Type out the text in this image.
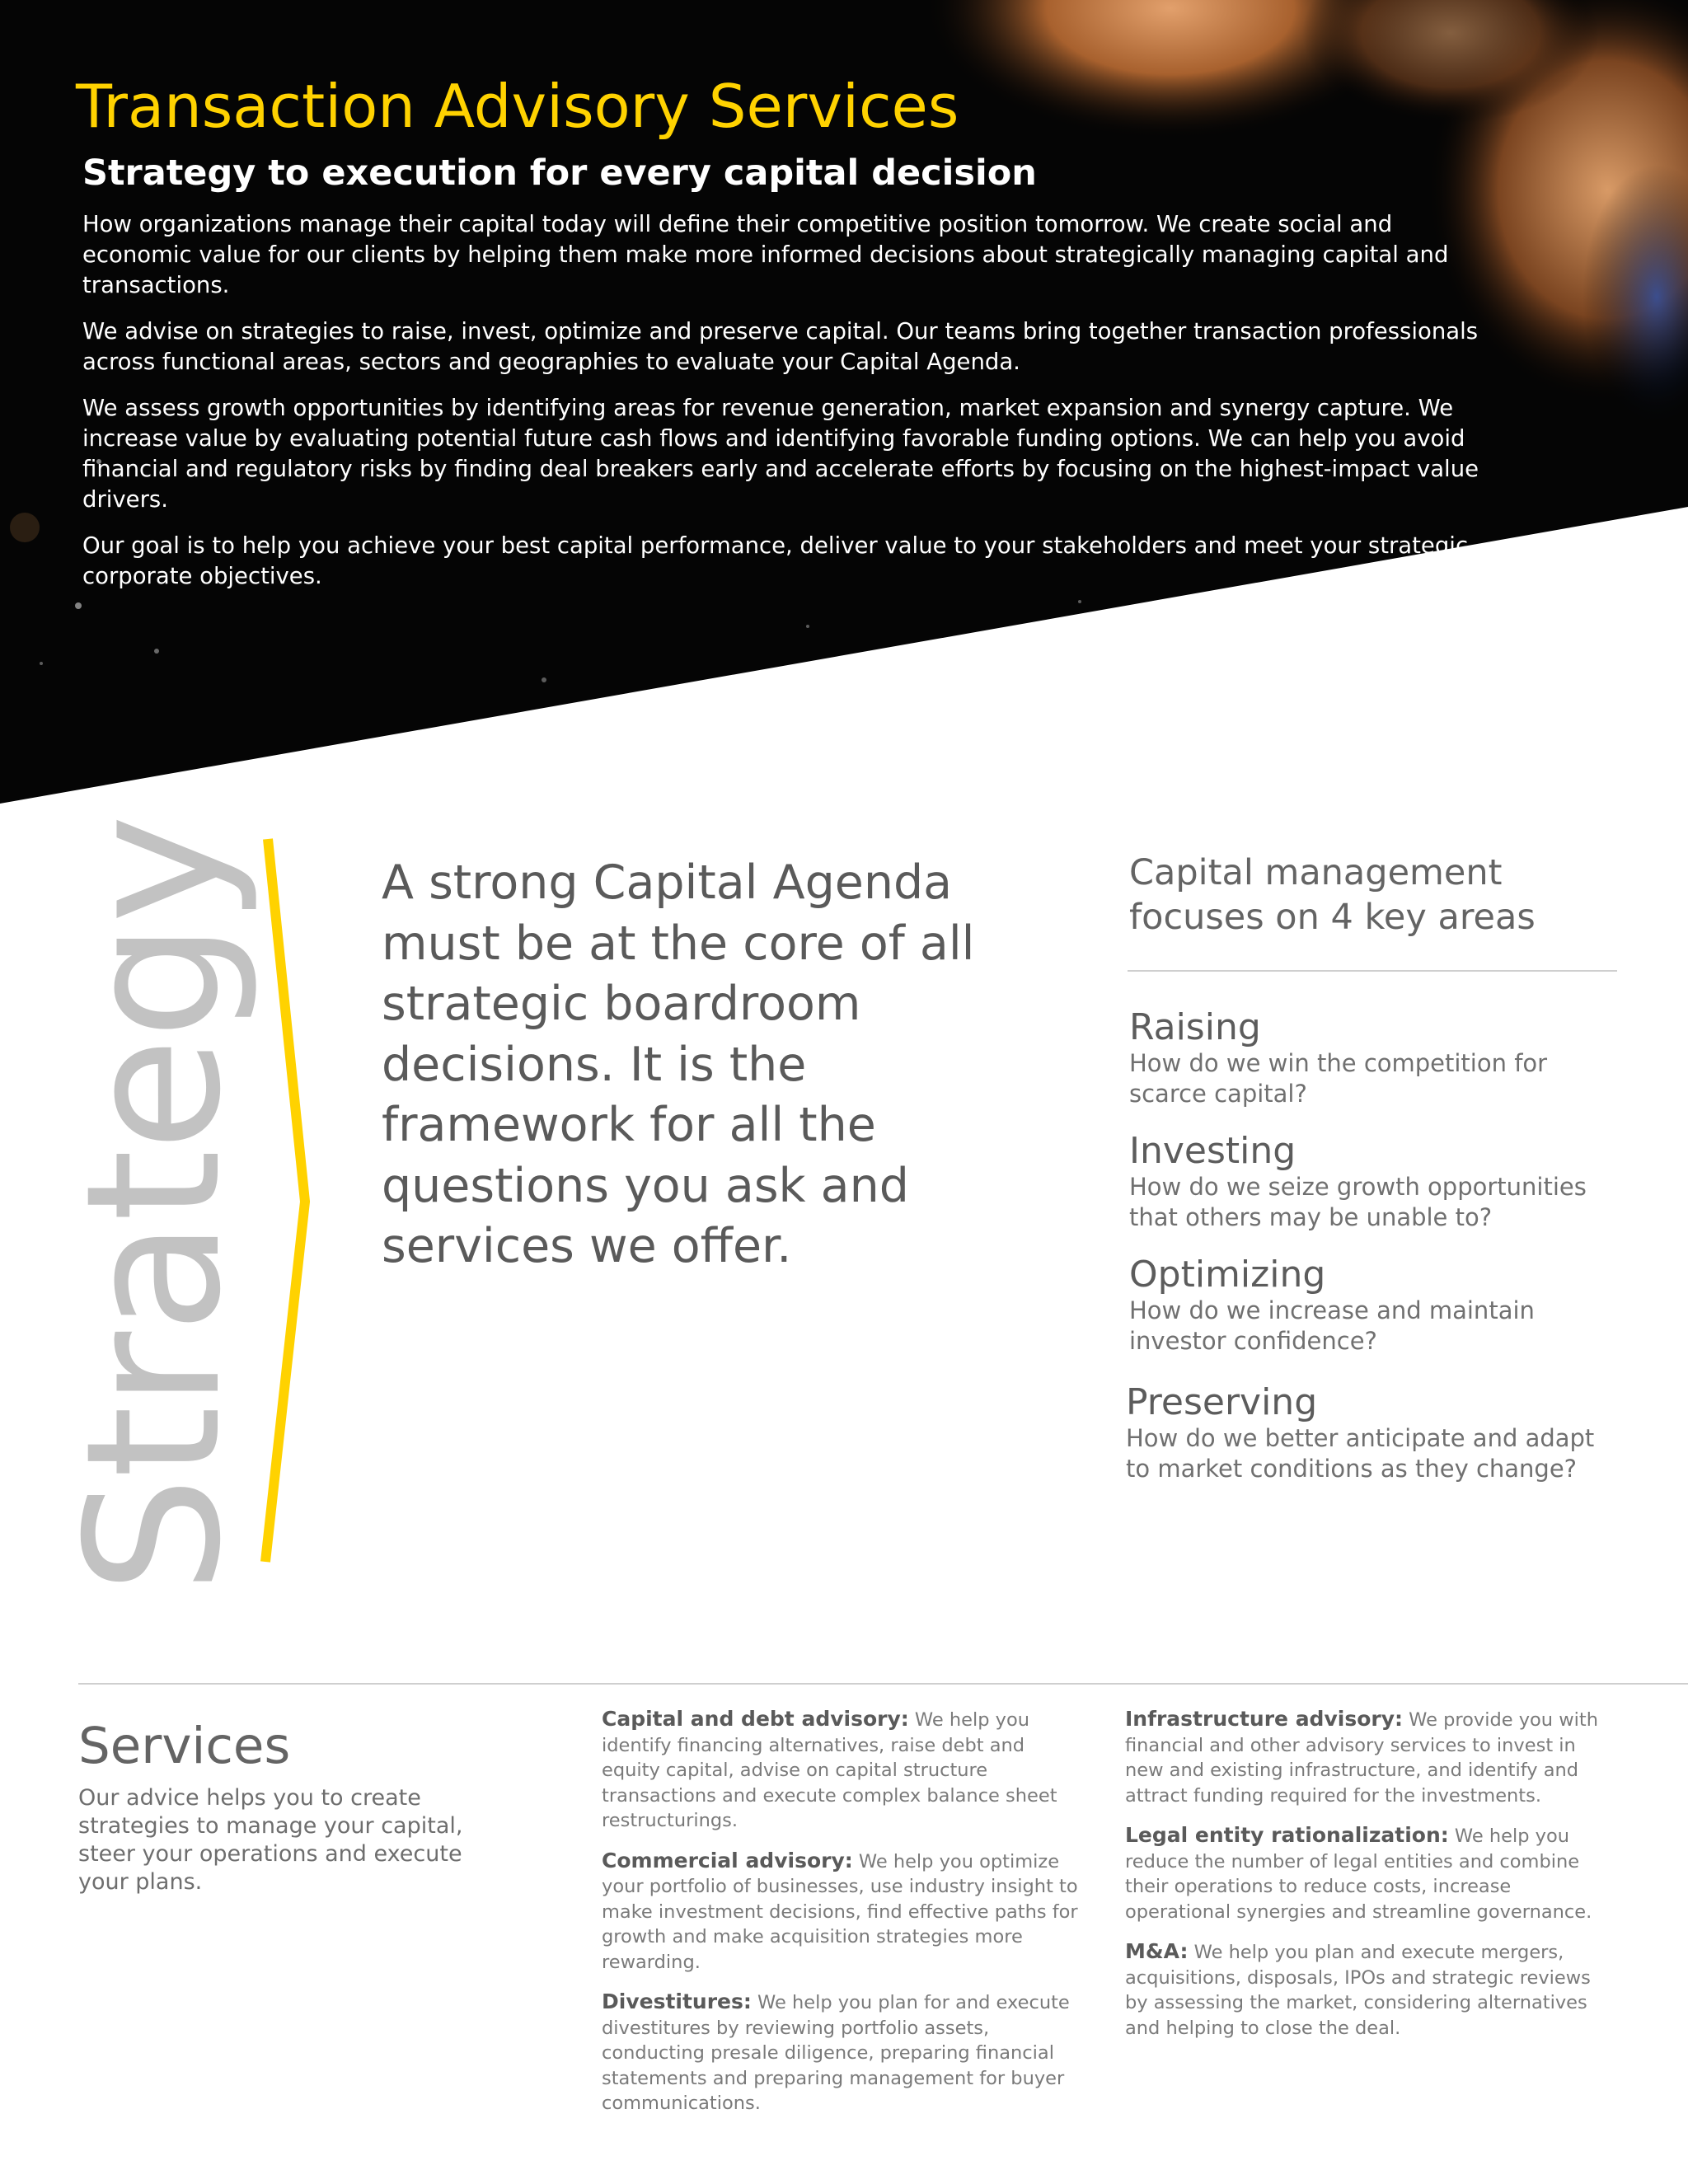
Transaction Advisory Services
Strategy to execution for every capital decision

How organizations manage their capital today will define their competitive position tomorrow. We create social and economic value for our clients by helping them make more informed decisions about strategically managing capital and transactions.

We advise on strategies to raise, invest, optimize and preserve capital. Our teams bring together transaction professionals across functional areas, sectors and geographies to evaluate your Capital Agenda.

We assess growth opportunities by identifying areas for revenue generation, market expansion and synergy capture. We increase value by evaluating potential future cash flows and identifying favorable funding options. We can help you avoid financial and regulatory risks by finding deal breakers early and accelerate efforts by focusing on the highest-impact value drivers.

Our goal is to help you achieve your best capital performance, deliver value to your stakeholders and meet your strategic corporate objectives.

Strategy	A strong Capital Agenda must be at the core of all strategic boardroom decisions. It is the framework for all the questions you ask and services we offer.

Capital management
focuses on 4 key areas
Raising
How do we win the competition for scarce capital?
Investing
How do we seize growth opportunities that others may be unable to?
Optimizing
How do we increase and maintain investor confidence?
Preserving
How do we better anticipate and adapt to market conditions as they change?
Services
Our advice helps you to create strategies to manage your capital, steer your operations and execute your plans.

Capital and debt advisory: We help you identify financing alternatives, raise debt and equity capital, advise on capital structure transactions and execute complex balance sheet restructurings.

Commercial advisory: We help you optimize your portfolio of businesses, use industry insight to make investment decisions, find effective paths for growth and make acquisition strategies more rewarding.

Divestitures: We help you plan for and execute divestitures by reviewing portfolio assets, conducting presale diligence, preparing financial statements and preparing management for buyer communications.

Infrastructure advisory: We provide you with financial and other advisory services to invest in new and existing infrastructure, and identify and attract funding required for the investments.

Legal entity rationalization: We help you reduce the number of legal entities and combine their operations to reduce costs, increase operational synergies and streamline governance.

M&A: We help you plan and execute mergers, acquisitions, disposals, IPOs and strategic reviews by assessing the market, considering alternatives and helping to close the deal.
